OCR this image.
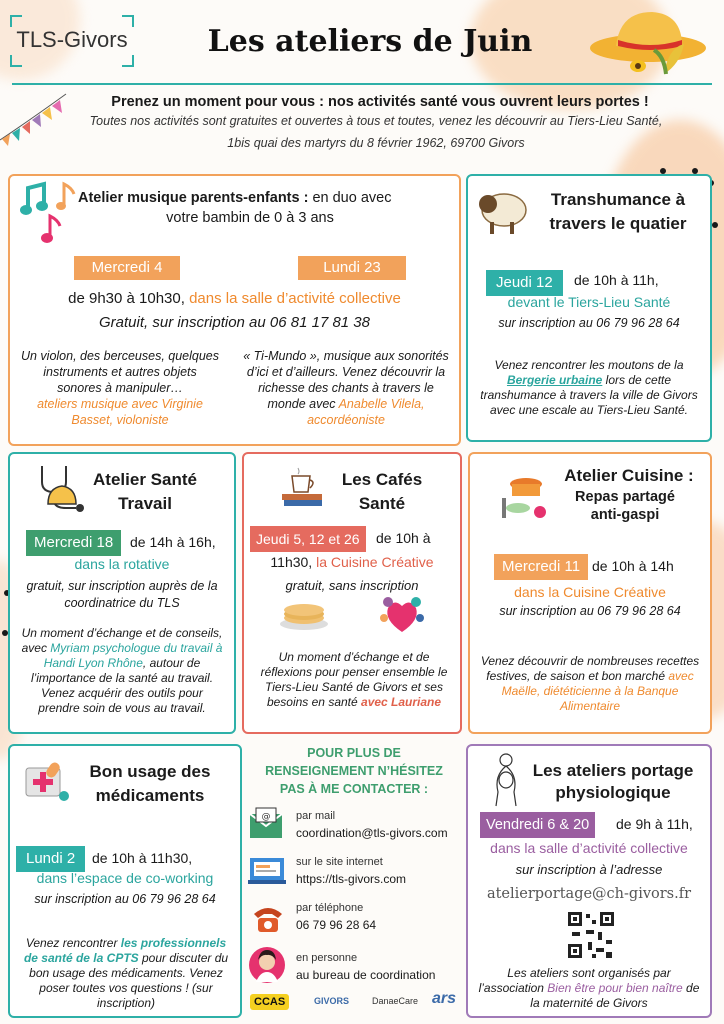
TLS-Givors	Les ateliers de Juin
Prenez un moment pour vous : nos activités santé vous ouvrent leurs portes !
Toutes nos activités sont gratuites et ouvertes à tous et toutes, venez les découvrir au Tiers-Lieu Santé,
1bis quai des martyrs du 8 février 1962, 69700 Givors
Atelier musique parents-enfants : en duo avec
votre bambin de 0 à 3 ans
Mercredi 4	Lundi 23
de 9h30 à 10h30, dans la salle d’activité collective
Gratuit, sur inscription au 06 81 17 81 38
Un violon, des berceuses, quelques instruments et autres objets sonores à manipuler…
ateliers musique avec Virginie Basset, violoniste
« Ti-Mundo », musique aux sonorités d’ici et d’ailleurs. Venez découvrir la richesse des chants à travers le monde avec Anabelle Vilela, accordéoniste
Transhumance à travers le quatier
Jeudi 12	de 10h à 11h,
devant le Tiers-Lieu Santé
sur inscription au 06 79 96 28 64
Venez rencontrer les moutons de la Bergerie urbaine lors de cette transhumance à travers la ville de Givors avec une escale au Tiers-Lieu Santé.
Atelier Santé Travail
Mercredi 18	de 14h à 16h,
dans la rotative
gratuit, sur inscription auprès de la coordinatrice du TLS
Un moment d’échange et de conseils, avec Myriam psychologue du travail à Handi Lyon Rhône, autour de l’importance de la santé au travail. Venez acquérir des outils pour prendre soin de vous au travail.
Les Cafés Santé
Jeudi 5, 12 et 26	de 10h à
11h30, la Cuisine Créative
gratuit, sans inscription
Un moment d’échange et de réflexions pour penser ensemble le Tiers-Lieu Santé de Givors et ses besoins en santé avec Lauriane
Atelier Cuisine :
Repas partagé anti-gaspi
Mercredi 11 de 10h à 14h
dans la Cuisine Créative
sur inscription au 06 79 96 28 64
Venez découvrir de nombreuses recettes festives, de saison et bon marché avec Maëlle, diététicienne à la Banque Alimentaire
Bon usage des médicaments
Lundi 2	de 10h à 11h30,
dans l’espace de co-working
sur inscription au 06 79 96 28 64
Venez rencontrer les professionnels de santé de la CPTS pour discuter du bon usage des médicaments. Venez poser toutes vos questions ! (sur inscription)
POUR PLUS DE RENSEIGNEMENT N’HÉSITEZ PAS À ME CONTACTER :
@ par mail
coordination@tls-givors.com
sur le site internet
https://tls-givors.com
par téléphone
06 79 96 28 64
en personne
au bureau de coordination
CCAS	GIVORS	DanaeCare ars
Les ateliers portage physiologique
Vendredi 6 & 20	de 9h à 11h,
dans la salle d’activité collective
sur inscription à l’adresse
atelierportage@ch-givors.fr
Les ateliers sont organisés par l’association Bien être pour bien naître de la maternité de Givors
